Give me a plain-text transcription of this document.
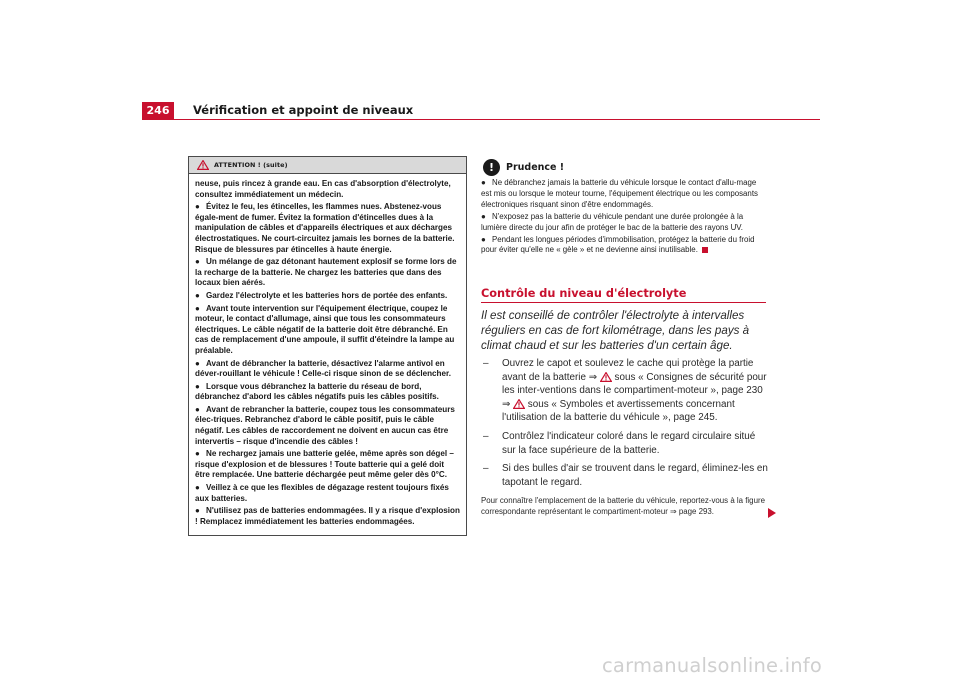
246	Vérification et appoint de niveaux
ATTENTION ! (suite)

neuse, puis rincez à grande eau. En cas d'absorption d'électrolyte, consultez immédiatement un médecin.

● Évitez le feu, les étincelles, les flammes nues. Abstenez-vous égale-ment de fumer. Évitez la formation d'étincelles dues à la manipulation de câbles et d'appareils électriques et aux décharges électrostatiques. Ne court-circuitez jamais les bornes de la batterie. Risque de blessures par étincelles à haute énergie.

● Un mélange de gaz détonant hautement explosif se forme lors de la recharge de la batterie. Ne chargez les batteries que dans des locaux bien aérés.

● Gardez l'électrolyte et les batteries hors de portée des enfants.

● Avant toute intervention sur l'équipement électrique, coupez le moteur, le contact d'allumage, ainsi que tous les consommateurs électriques. Le câble négatif de la batterie doit être débranché. En cas de remplacement d'une ampoule, il suffit d'éteindre la lampe au préalable.

● Avant de débrancher la batterie, désactivez l'alarme antivol en déver-rouillant le véhicule ! Celle-ci risque sinon de se déclencher.

● Lorsque vous débranchez la batterie du réseau de bord, débranchez d'abord les câbles négatifs puis les câbles positifs.

● Avant de rebrancher la batterie, coupez tous les consommateurs élec-triques. Rebranchez d'abord le câble positif, puis le câble négatif. Les câbles de raccordement ne doivent en aucun cas être intervertis – risque d'incendie des câbles !

● Ne rechargez jamais une batterie gelée, même après son dégel – risque d'explosion et de blessures ! Toute batterie qui a gelé doit être remplacée. Une batterie déchargée peut même geler dès 0°C.

● Veillez à ce que les flexibles de dégazage restent toujours fixés aux batteries.

● N'utilisez pas de batteries endommagées. Il y a risque d'explosion ! Remplacez immédiatement les batteries endommagées.

!	Prudence !

● Ne débranchez jamais la batterie du véhicule lorsque le contact d'allu-mage est mis ou lorsque le moteur tourne, l'équipement électrique ou les composants électroniques risquant sinon d'être endommagés.

● N'exposez pas la batterie du véhicule pendant une durée prolongée à la lumière directe du jour afin de protéger le bac de la batterie des rayons UV.

● Pendant les longues périodes d'immobilisation, protégez la batterie du froid pour éviter qu'elle ne « gèle » et ne devienne ainsi inutilisable.

Contrôle du niveau d'électrolyte
Il est conseillé de contrôler l'électrolyte à intervalles réguliers en cas de fort kilométrage, dans les pays à climat chaud et sur les batteries d'un certain âge.
–	Ouvrez le capot et soulevez le cache qui protège la partie avant de la batterie ⇒ sous « Consignes de sécurité pour les inter-ventions dans le compartiment-moteur », page 230 ⇒ sous « Symboles et avertissements concernant l'utilisation de la batterie du véhicule », page 245.
–	Contrôlez l'indicateur coloré dans le regard circulaire situé sur la face supérieure de la batterie.
–	Si des bulles d'air se trouvent dans le regard, éliminez-les en tapotant le regard.
Pour connaître l'emplacement de la batterie du véhicule, reportez-vous à la figure correspondante représentant le compartiment-moteur ⇒ page 293.
carmanualsonline.info
